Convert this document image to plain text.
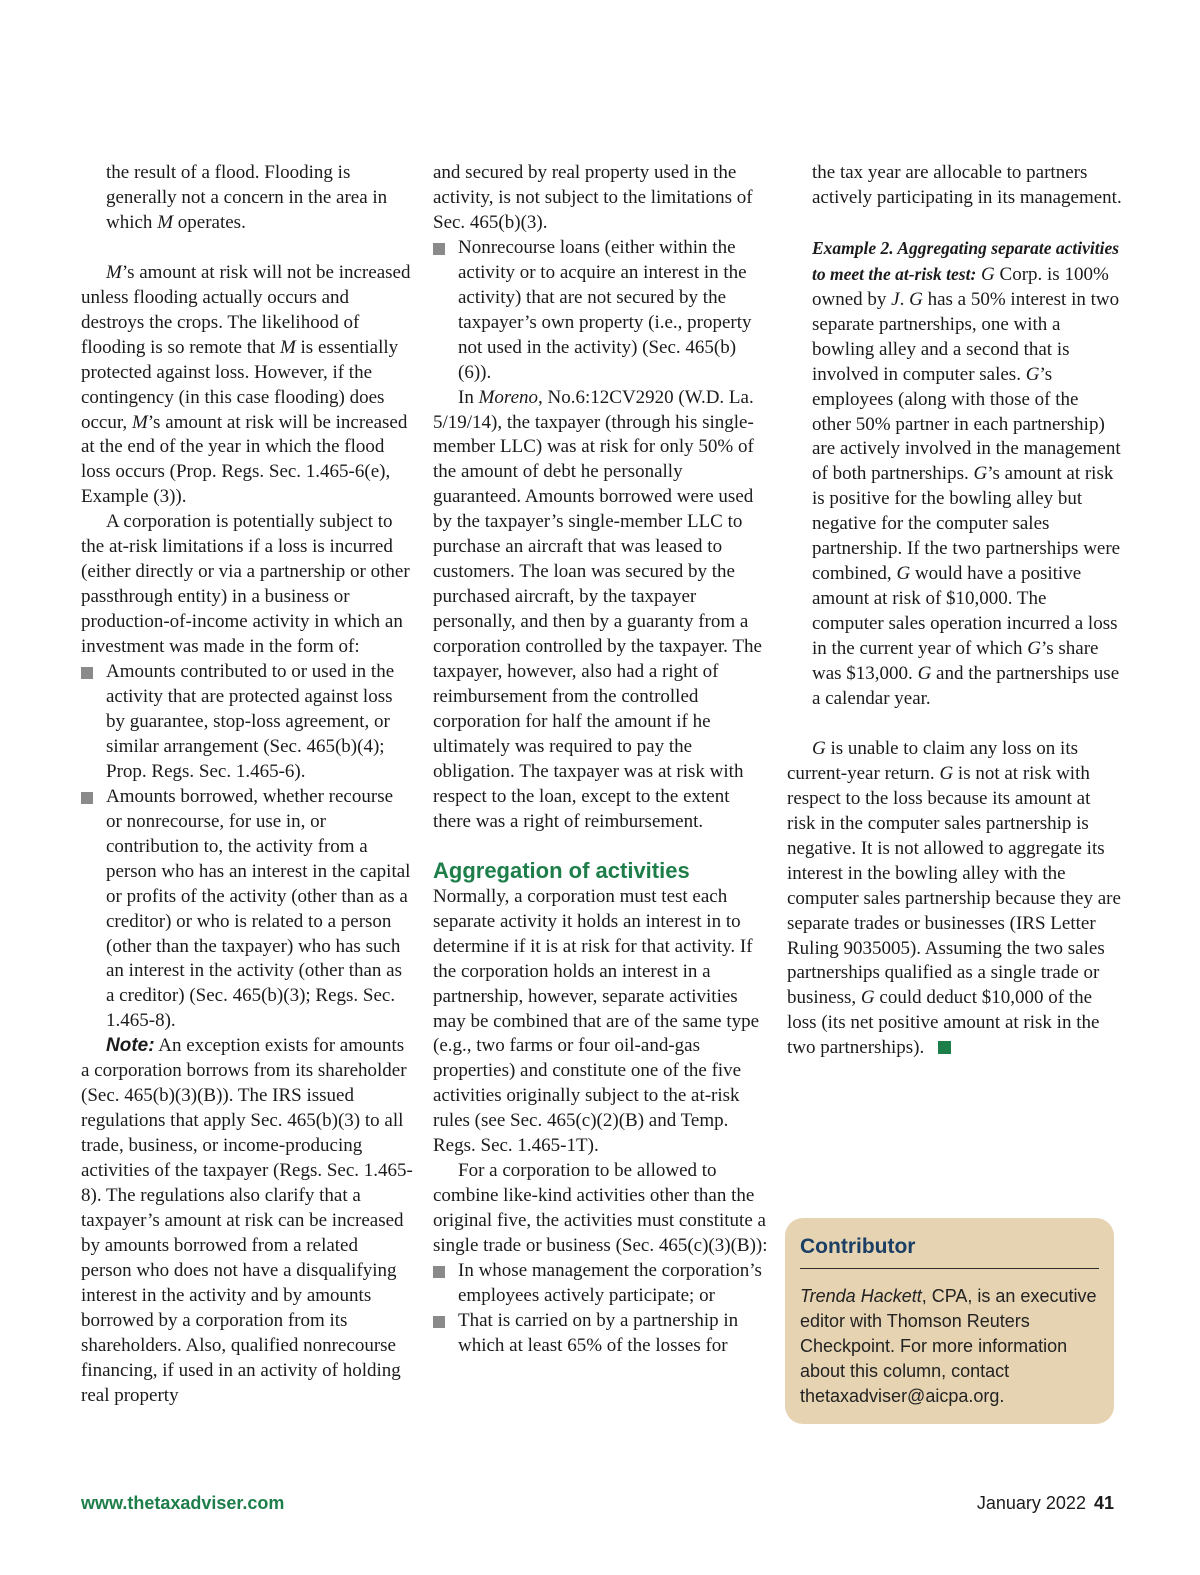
the result of a flood. Flooding is generally not a concern in the area in which M operates.

M’s amount at risk will not be increased unless flooding actually occurs and destroys the crops. The likelihood of flooding is so remote that M is essentially protected against loss. However, if the contingency (in this case flooding) does occur, M’s amount at risk will be increased at the end of the year in which the flood loss occurs (Prop. Regs. Sec. 1.465-6(e), Example (3)).

A corporation is potentially subject to the at-risk limitations if a loss is incurred (either directly or via a partnership or other passthrough entity) in a business or production-of-income activity in which an investment was made in the form of:

Amounts contributed to or used in the activity that are protected against loss by guarantee, stop-loss agreement, or similar arrangement (Sec. 465(b)(4); Prop. Regs. Sec. 1.465-6).

Amounts borrowed, whether recourse or nonrecourse, for use in, or contribution to, the activity from a person who has an interest in the capital or profits of the activity (other than as a creditor) or who is related to a person (other than the taxpayer) who has such an interest in the activity (other than as a creditor) (Sec. 465(b)(3); Regs. Sec. 1.465-8).

Note: An exception exists for amounts a corporation borrows from its shareholder (Sec. 465(b)(3)(B)). The IRS issued regulations that apply Sec. 465(b)(3) to all trade, business, or income-producing activities of the taxpayer (Regs. Sec. 1.465-8). The regulations also clarify that a taxpayer’s amount at risk can be increased by amounts borrowed from a related person who does not have a disqualifying interest in the activity and by amounts borrowed by a corporation from its shareholders. Also, qualified nonrecourse financing, if used in an activity of holding real property

and secured by real property used in the activity, is not subject to the limitations of Sec. 465(b)(3).

Nonrecourse loans (either within the activity or to acquire an interest in the activity) that are not secured by the taxpayer’s own property (i.e., property not used in the activity) (Sec. 465(b)(6)).

In Moreno, No.6:12CV2920 (W.D. La. 5/19/14), the taxpayer (through his single-member LLC) was at risk for only 50% of the amount of debt he personally guaranteed. Amounts borrowed were used by the taxpayer’s single-member LLC to purchase an aircraft that was leased to customers. The loan was secured by the purchased aircraft, by the taxpayer personally, and then by a guaranty from a corporation controlled by the taxpayer. The taxpayer, however, also had a right of reimbursement from the controlled corporation for half the amount if he ultimately was required to pay the obligation. The taxpayer was at risk with respect to the loan, except to the extent there was a right of reimbursement.

Aggregation of activities

Normally, a corporation must test each separate activity it holds an interest in to determine if it is at risk for that activity. If the corporation holds an interest in a partnership, however, separate activities may be combined that are of the same type (e.g., two farms or four oil-and-gas properties) and constitute one of the five activities originally subject to the at-risk rules (see Sec. 465(c)(2)(B) and Temp. Regs. Sec. 1.465-1T).

For a corporation to be allowed to combine like-kind activities other than the original five, the activities must constitute a single trade or business (Sec. 465(c)(3)(B)):

In whose management the corporation’s employees actively participate; or

That is carried on by a partnership in which at least 65% of the losses for

the tax year are allocable to partners actively participating in its management.

Example 2. Aggregating separate activities to meet the at-risk test: G Corp. is 100% owned by J. G has a 50% interest in two separate partnerships, one with a bowling alley and a second that is involved in computer sales. G’s employees (along with those of the other 50% partner in each partnership) are actively involved in the management of both partnerships. G’s amount at risk is positive for the bowling alley but negative for the computer sales partnership. If the two partnerships were combined, G would have a positive amount at risk of $10,000. The computer sales operation incurred a loss in the current year of which G’s share was $13,000. G and the partnerships use a calendar year.

G is unable to claim any loss on its current-year return. G is not at risk with respect to the loss because its amount at risk in the computer sales partnership is negative. It is not allowed to aggregate its interest in the bowling alley with the computer sales partnership because they are separate trades or businesses (IRS Letter Ruling 9035005). Assuming the two sales partnerships qualified as a single trade or business, G could deduct $10,000 of the loss (its net positive amount at risk in the two partnerships).

Contributor

Trenda Hackett, CPA, is an executive editor with Thomson Reuters Checkpoint. For more information about this column, contact thetaxadviser@aicpa.org.

www.thetaxadviser.com	January 2022 41
